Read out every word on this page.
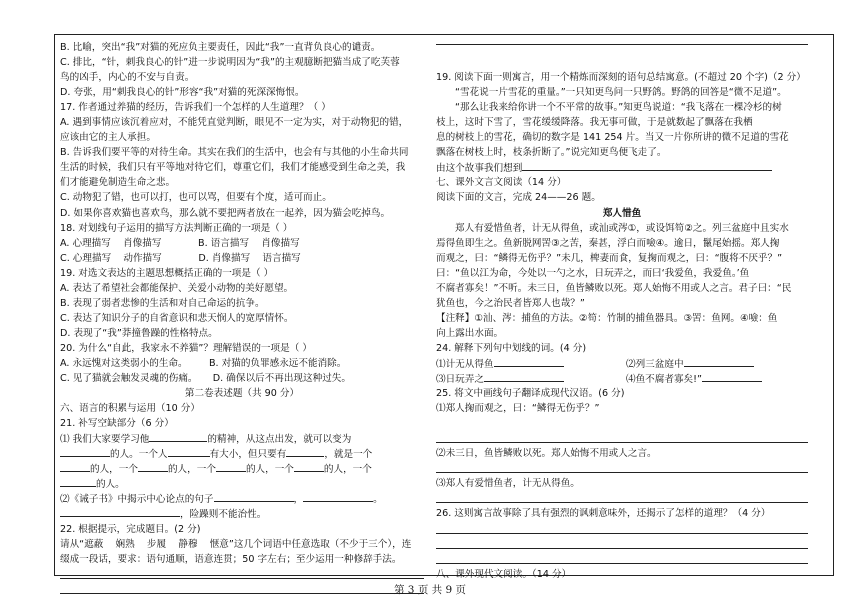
B. 比喻，突出“我”对猫的死应负主要责任，因此“我”一直背负良心的谴责。
C. 排比，“针，刺我良心的针”进一步说明因为“我”的主观臆断把猫当成了吃芙蓉
鸟的凶手，内心的不安与自责。
D. 夸张，用“刺我良心的针”形容“我”对猫的死深深悔恨。
17. 作者通过养猫的经历，告诉我们一个怎样的人生道理？（ ）
A. 遇到事情应该沉着应对，不能凭直觉判断，眼见不一定为实，对于动物犯的错，
应该由它的主人承担。
B. 告诉我们要平等的对待生命。其实在我们的生活中，也会有与其他的小生命共同
生活的时候，我们只有平等地对待它们，尊重它们，我们才能感受到生命之美，我
们才能避免制造生命之悲。
C. 动物犯了错，也可以打，也可以骂，但要有个度，适可而止。
D. 如果你喜欢猫也喜欢鸟，那么就不要把两者放在一起养，因为猫会吃掉鸟。
18. 对划线句子运用的描写方法判断正确的一项是（ ）
A. 心理描写    肖像描写            B. 语言描写    肖像描写
C. 心理描写    动作描写            D. 肖像描写    语言描写
19. 对选文表达的主题思想概括正确的一项是（ ）
A. 表达了希望社会都能保护、关爱小动物的美好愿望。
B. 表现了弱者悲惨的生活和对自己命运的抗争。
C. 表达了知识分子的自省意识和悲天悯人的宽厚情怀。
D. 表现了“我”莽撞鲁躁的性格特点。
20. 为什么“自此，我家永不养猫”？理解错误的一项是（ ）
A. 永远愧对这类弱小的生命。       B. 对猫的负罪感永远不能消除。
C. 见了猫就会触发灵魂的伤痛。     D. 确保以后不再出现这种过失。
第二卷表述题（共 90 分）
六、语言的积累与运用（10 分）
21. 补写空缺部分（6 分）
⑴ 我们大家要学习他	的精神，从这点出发，就可以变为
的人。一个人	有大小，但只要有	，就是一个
的人，一个	的人，一个	的人，一个	的人，一个
的人。
⑵《诫子书》中揭示中心论点的句子	，	。
，险躁则不能治性。
22. 根据提示，完成题目。(2 分)
请从“遮蔽    娴熟    步履    静穆    惬意”这几个词语中任意选取（不少于三个），连
缀成一段话，要求：语句通顺，语意连贯；50 字左右；至少运用一种修辞手法。
19. 阅读下面一则寓言，用一个精炼而深刻的语句总结寓意。(不超过 20 个字)（2 分）
“雪花说一片雪花的重量。”一只知更鸟问一只野鸽。野鸽的回答是“微不足道”。
“那么让我来给你讲一个不平常的故事。”知更鸟说道：“我飞落在一棵冷杉的树
枝上，这时下雪了，雪花缓缓降落。我无事可做，于是就数起了飘落在我栖
息的树枝上的雪花，确切的数字是 141 254 片。当又一片你所讲的微不足道的雪花
飘落在树枝上时，枝条折断了。”说完知更鸟便飞走了。
由这个故事我们想到
七、课外文言文阅读（14 分）
阅读下面的文言，完成 24——26 题。
郑人惜鱼
郑人有爱惜鱼者，计无从得鱼，或汕或涔①，或设饵笱②之。列三盆庭中且实水
焉得鱼即生之。鱼新脱网罟③之苦，秦甚，浮白而噞④。逾日，鬣尾始摇。郑人掬
而观之，曰：“鳞得无伤乎？”未几，椑妻而食，复掬而观之，曰：“腹将不厌乎？”
曰：“鱼以江为命，今处以一勺之水，日玩弄之，而曰‘我爱鱼，我爱鱼。’鱼
不腐者寡矣！”不听。未三日，鱼皆鳞败以死。郑人始悔不用或人之言。君子曰：“民
犹鱼也，今之治民者皆郑人也哉？”
【注释】①汕、涔：捕鱼的方法。②笱：竹制的捕鱼器具。③罟：鱼网。④噞：鱼
向上露出水面。
24. 解释下列句中划线的词。(4 分)
⑴计无从得鱼	⑵列三盆庭中
⑶日玩弄之	⑷鱼不腐者寡矣!”
25. 将文中画线句子翻译成现代汉语。(6 分)
⑴郑人掬而观之，曰：“鳞得无伤乎？”
⑵未三日，鱼皆鳞败以死。郑人始悔不用或人之言。
⑶郑人有爱惜鱼者，计无从得鱼。
26. 这则寓言故事除了具有强烈的讽刺意味外，还揭示了怎样的道理？（4 分）
八、课外现代文阅读。（14 分）
第 3 页 共 9 页
